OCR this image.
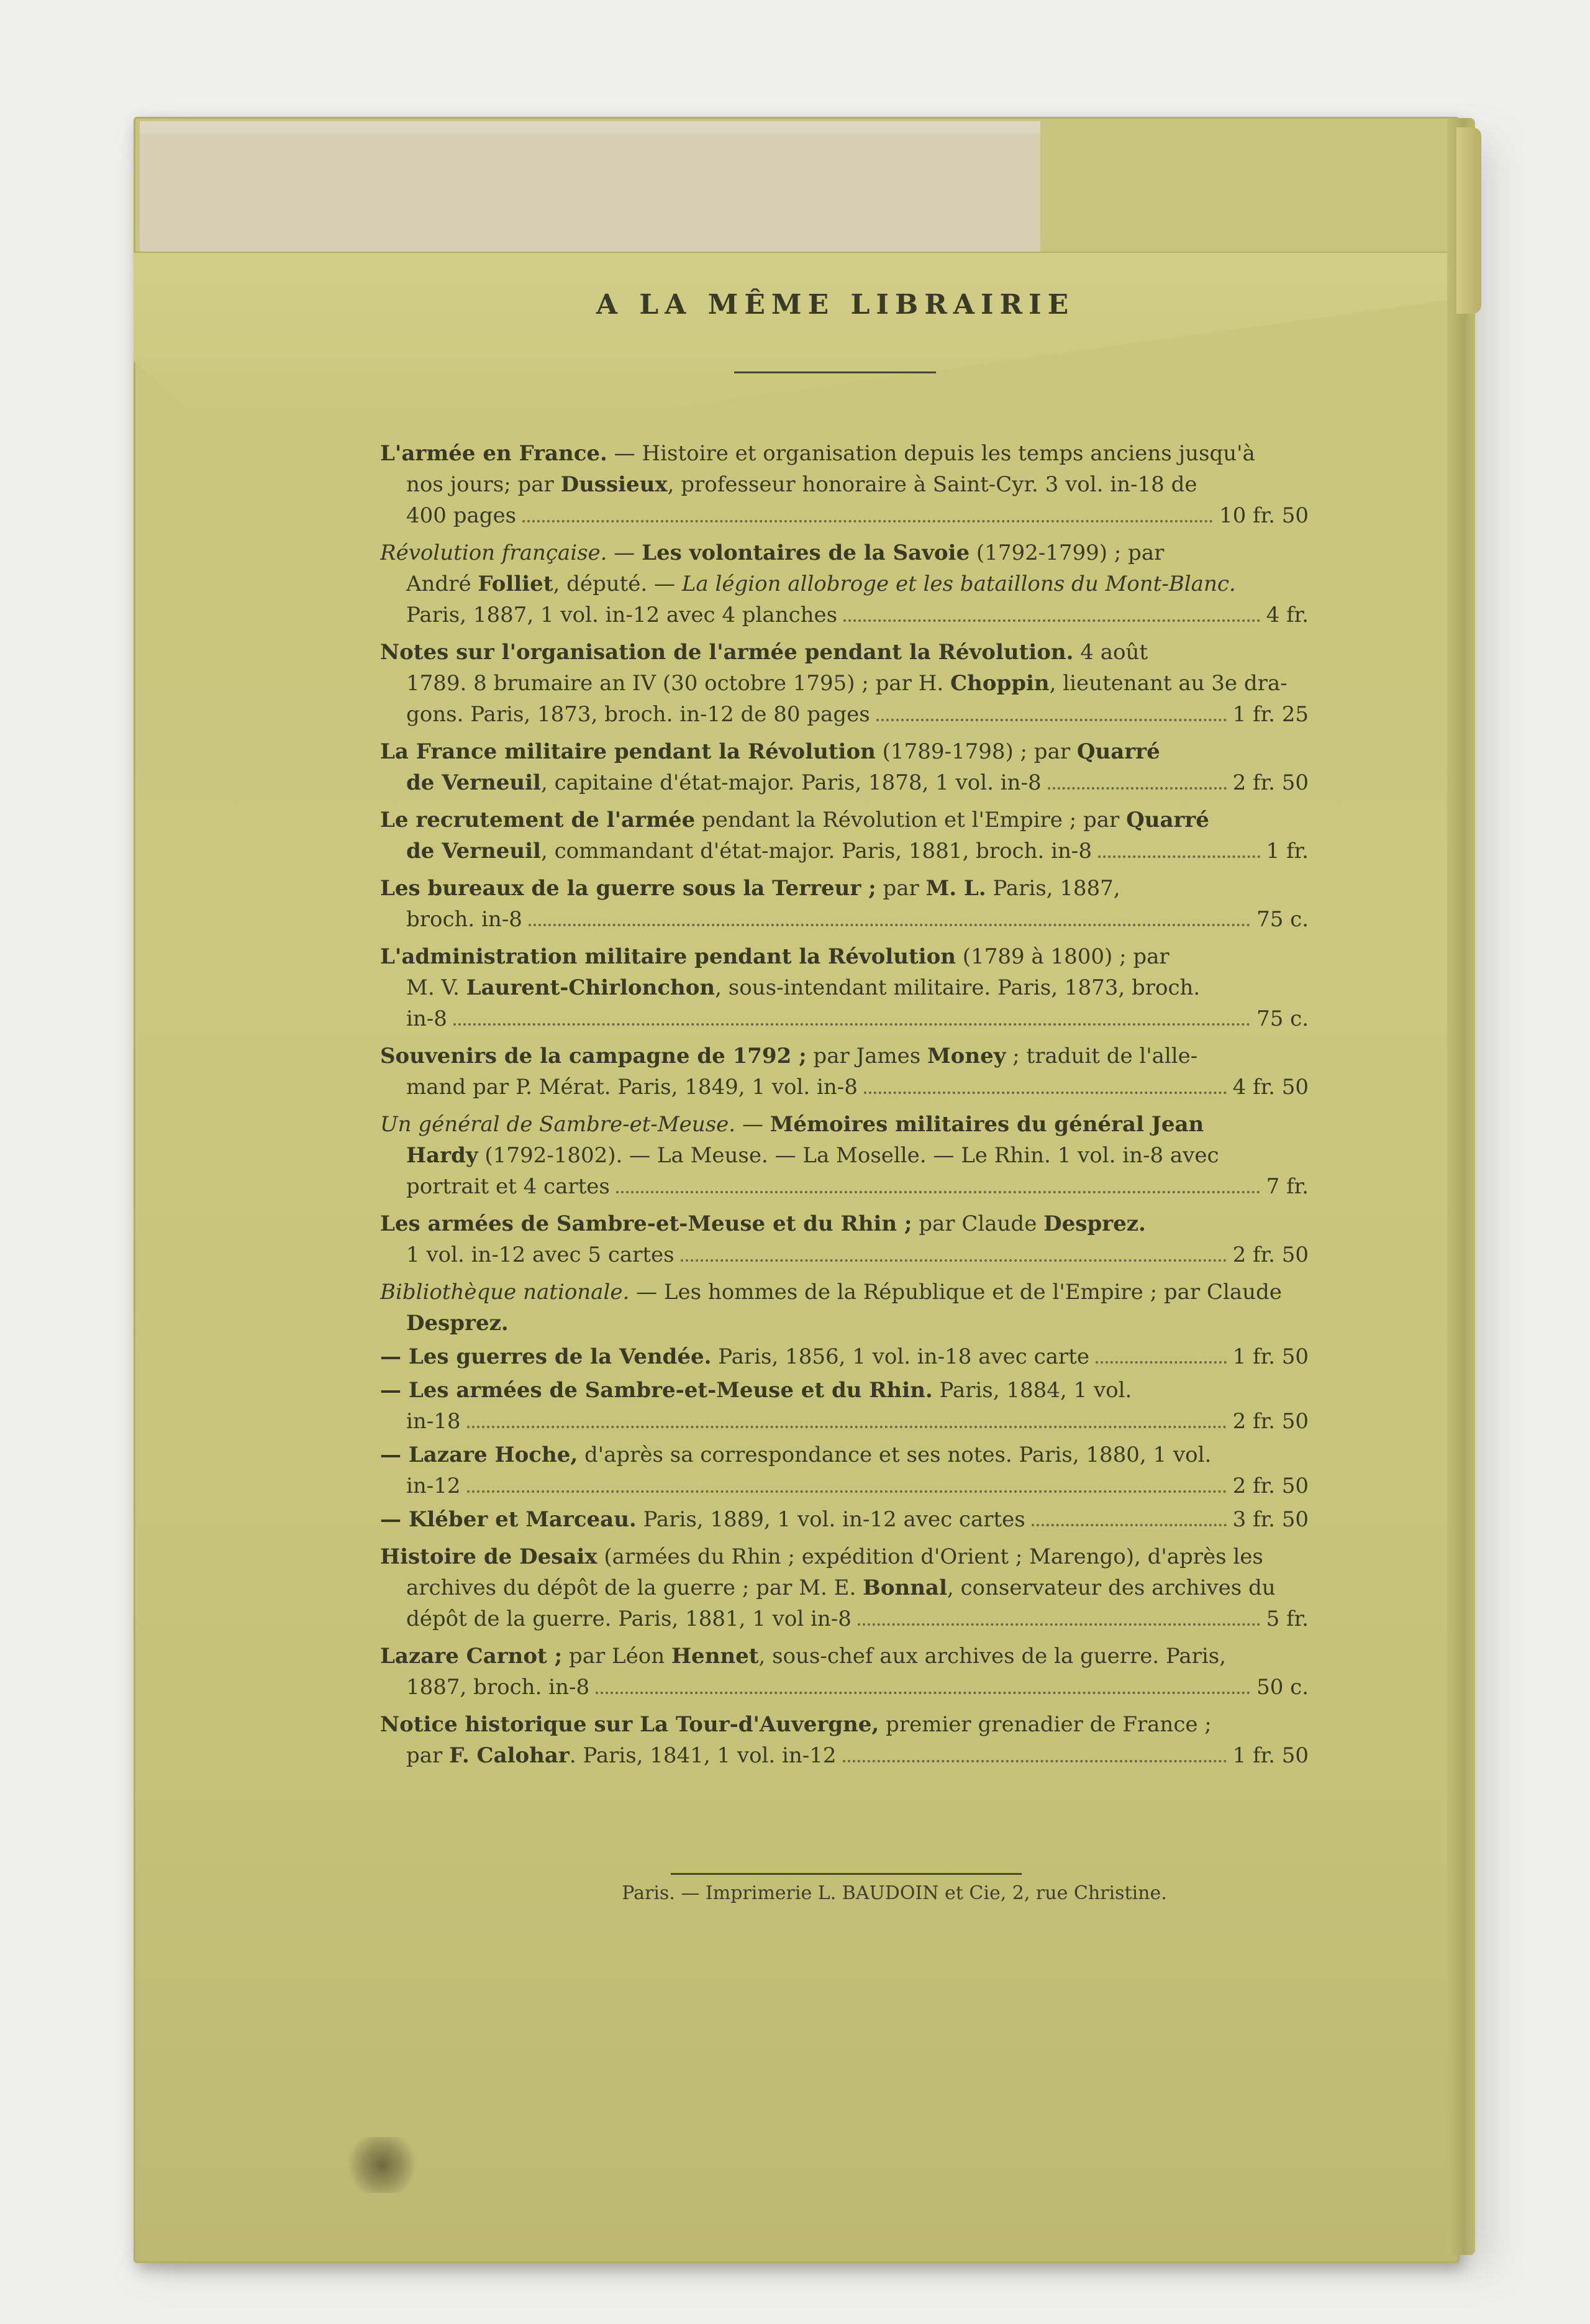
A LA MÊME LIBRAIRIE
L'armée en France. — Histoire et organisation depuis les temps anciens jusqu'à
nos jours; par Dussieux, professeur honoraire à Saint-Cyr. 3 vol. in-18 de
400 pages	10 fr. 50
Révolution française. — Les volontaires de la Savoie (1792-1799) ; par
André Folliet, député. — La légion allobroge et les bataillons du Mont-Blanc.
Paris, 1887, 1 vol. in-12 avec 4 planches	4 fr.
Notes sur l'organisation de l'armée pendant la Révolution. 4 août
1789. 8 brumaire an IV (30 octobre 1795) ; par H. Choppin, lieutenant au 3e dra-
gons. Paris, 1873, broch. in-12 de 80 pages	1 fr. 25
La France militaire pendant la Révolution (1789-1798) ; par Quarré
de Verneuil, capitaine d'état-major. Paris, 1878, 1 vol. in-8	2 fr. 50
Le recrutement de l'armée pendant la Révolution et l'Empire ; par Quarré
de Verneuil, commandant d'état-major. Paris, 1881, broch. in-8	1 fr.
Les bureaux de la guerre sous la Terreur ; par M. L. Paris, 1887,
broch. in-8	75 c.
L'administration militaire pendant la Révolution (1789 à 1800) ; par
M. V. Laurent-Chirlonchon, sous-intendant militaire. Paris, 1873, broch.
in-8	75 c.
Souvenirs de la campagne de 1792 ; par James Money ; traduit de l'alle-
mand par P. Mérat. Paris, 1849, 1 vol. in-8	4 fr. 50
Un général de Sambre-et-Meuse. — Mémoires militaires du général Jean
Hardy (1792-1802). — La Meuse. — La Moselle. — Le Rhin. 1 vol. in-8 avec
portrait et 4 cartes	7 fr.
Les armées de Sambre-et-Meuse et du Rhin ; par Claude Desprez.
1 vol. in-12 avec 5 cartes	2 fr. 50
Bibliothèque nationale. — Les hommes de la République et de l'Empire ; par Claude
Desprez.
— Les guerres de la Vendée. Paris, 1856, 1 vol. in-18 avec carte	1 fr. 50
— Les armées de Sambre-et-Meuse et du Rhin. Paris, 1884, 1 vol.
in-18	2 fr. 50
— Lazare Hoche, d'après sa correspondance et ses notes. Paris, 1880, 1 vol.
in-12	2 fr. 50
— Kléber et Marceau. Paris, 1889, 1 vol. in-12 avec cartes	3 fr. 50
Histoire de Desaix (armées du Rhin ; expédition d'Orient ; Marengo), d'après les
archives du dépôt de la guerre ; par M. E. Bonnal, conservateur des archives du
dépôt de la guerre. Paris, 1881, 1 vol in-8	5 fr.
Lazare Carnot ; par Léon Hennet, sous-chef aux archives de la guerre. Paris,
1887, broch. in-8	50 c.
Notice historique sur La Tour-d'Auvergne, premier grenadier de France ;
par F. Calohar. Paris, 1841, 1 vol. in-12	1 fr. 50
Paris. — Imprimerie L. BAUDOIN et Cie, 2, rue Christine.
